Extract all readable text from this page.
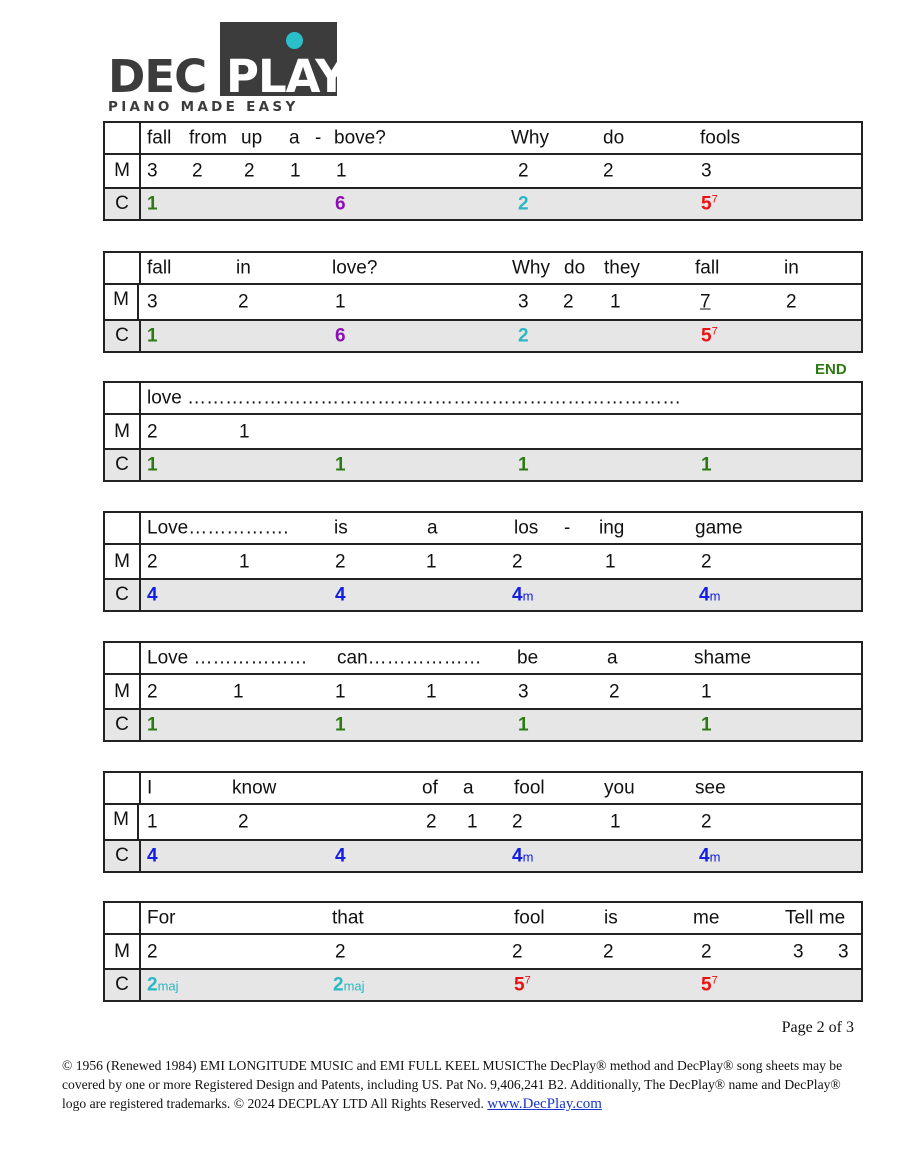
DEC PLAY
PIANO MADE EASY
fall from up a - bove?	Why	do	fools
M 3 2 2 1 1	2	2	3
C 1	6	2	$5^7$
fall	in	love?	Why do they	fall	in
M 3	2	1	3 2 1	7	2
C 1	6	2	$5^7$
END
love ……………………………………………………………………
M 2	1
C 1	1	1	1
Love……………. is	a	los - ing	game
M 2	1	2	1	2	1	2
C 4	4	4m	4m
Love ……………… can……………… be	a	shame
M 2	1	1	1	3	2	1
C 1	1	1	1
I	know	of a fool	you	see
M 1	2	2 1 2	1	2
C 4	4	4m	4m
For	that	fool	is	me	Tell me
M 2	2	2	2	2	3 3
C 2maj	2maj	$5^7$	$5^7$
Page 2 of 3
© 1956 (Renewed 1984) EMI LONGITUDE MUSIC and EMI FULL KEEL MUSICThe DecPlay® method and DecPlay® song sheets may be covered by one or more Registered Design and Patents, including US. Pat No. 9,406,241 B2. Additionally, The DecPlay® name and DecPlay® logo are registered trademarks. © 2024 DECPLAY LTD All Rights Reserved. www.DecPlay.com
